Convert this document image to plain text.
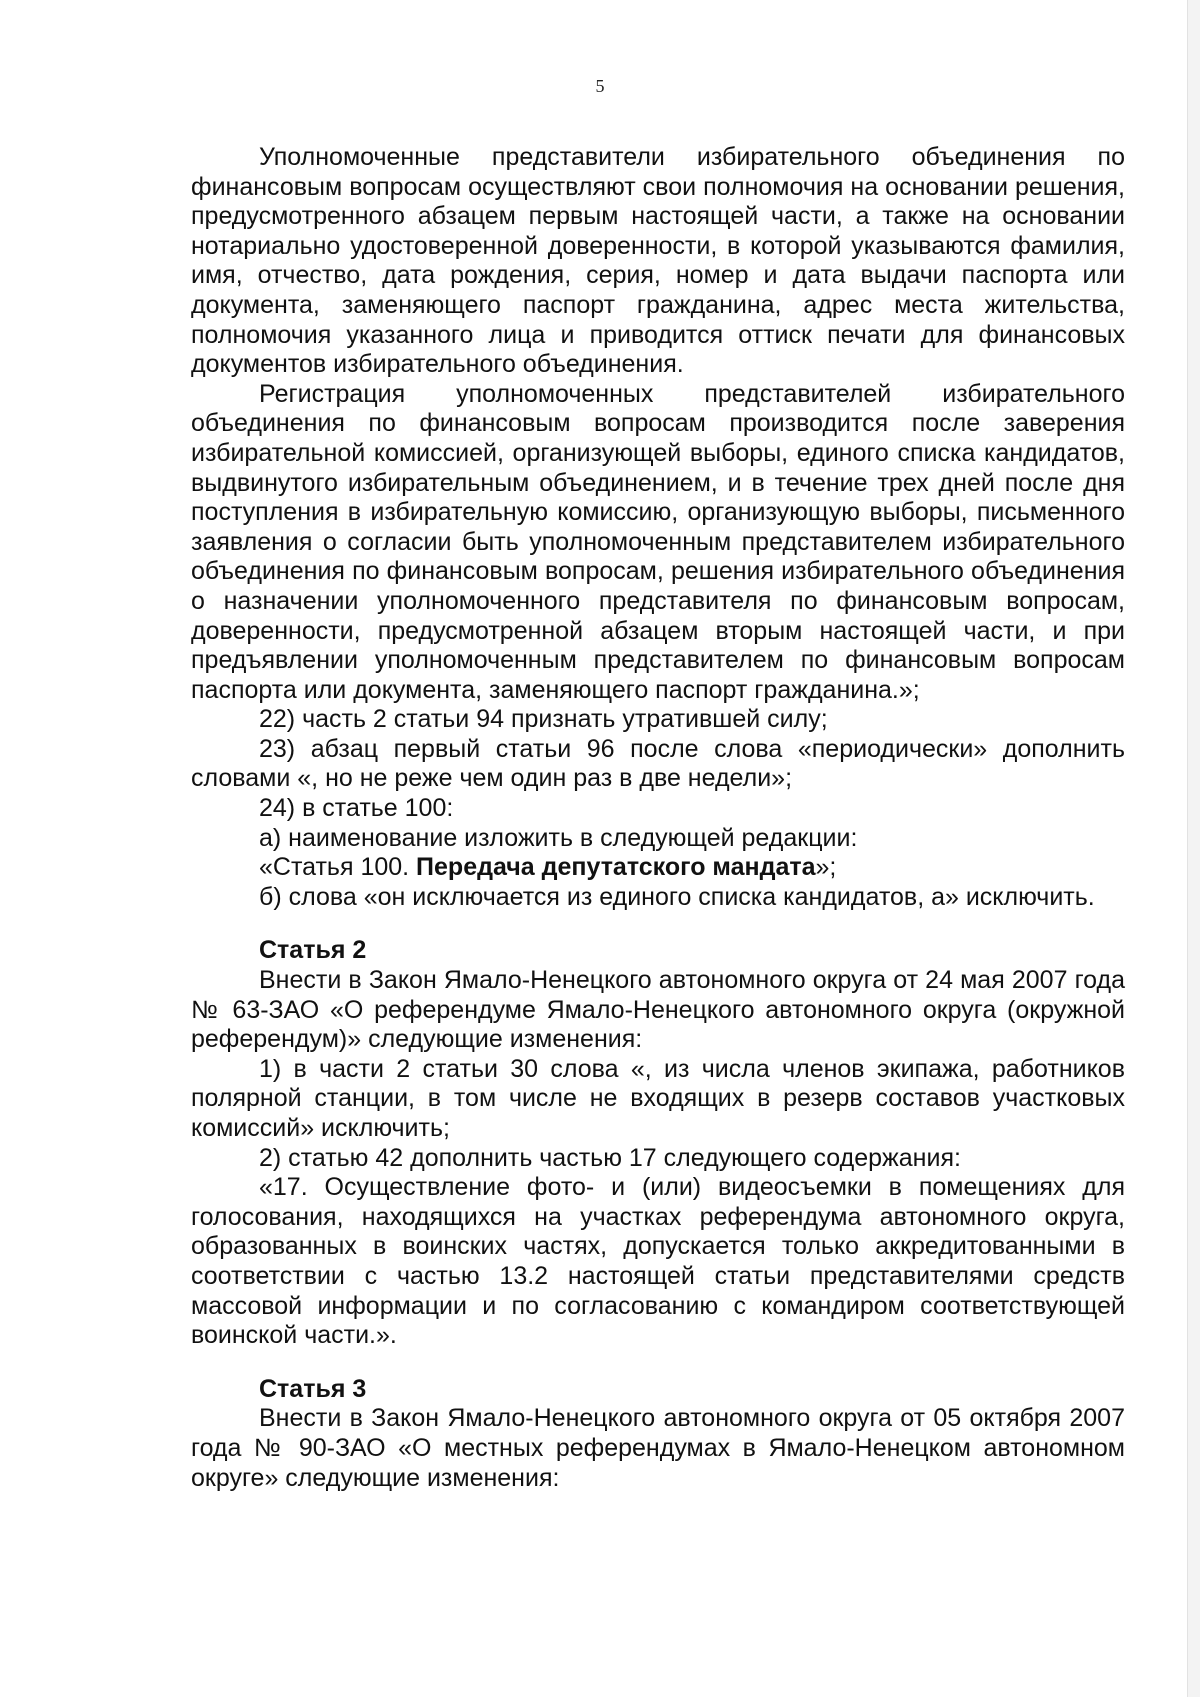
5

Уполномоченные представители избирательного объединения по финансовым вопросам осуществляют свои полномочия на основании решения, предусмотренного абзацем первым настоящей части, а также на основании нотариально удостоверенной доверенности, в которой указываются фамилия, имя, отчество, дата рождения, серия, номер и дата выдачи паспорта или документа, заменяющего паспорт гражданина, адрес места жительства, полномочия указанного лица и приводится оттиск печати для финансовых документов избирательного объединения.

Регистрация уполномоченных представителей избирательного объединения по финансовым вопросам производится после заверения избирательной комиссией, организующей выборы, единого списка кандидатов, выдвинутого избирательным объединением, и в течение трех дней после дня поступления в избирательную комиссию, организующую выборы, письменного заявления о согласии быть уполномоченным представителем избирательного объединения по финансовым вопросам, решения избирательного объединения о назначении уполномоченного представителя по финансовым вопросам, доверенности, предусмотренной абзацем вторым настоящей части, и при предъявлении уполномоченным представителем по финансовым вопросам паспорта или документа, заменяющего паспорт гражданина.»;

22) часть 2 статьи 94 признать утратившей силу;

23) абзац первый статьи 96 после слова «периодически» дополнить словами «, но не реже чем один раз в две недели»;

24) в статье 100:

а) наименование изложить в следующей редакции:

«Статья 100. Передача депутатского мандата»;

б) слова «он исключается из единого списка кандидатов, а» исключить.

Статья 2

Внести в Закон Ямало-Ненецкого автономного округа от 24 мая 2007 года № 63-ЗАО «О референдуме Ямало-Ненецкого автономного округа (окружной референдум)» следующие изменения:

1) в части 2 статьи 30 слова «, из числа членов экипажа, работников полярной станции, в том числе не входящих в резерв составов участковых комиссий» исключить;

2) статью 42 дополнить частью 17 следующего содержания:

«17. Осуществление фото- и (или) видеосъемки в помещениях для голосования, находящихся на участках референдума автономного округа, образованных в воинских частях, допускается только аккредитованными в соответствии с частью 13.2 настоящей статьи представителями средств массовой информации и по согласованию с командиром соответствующей воинской части.».

Статья 3

Внести в Закон Ямало-Ненецкого автономного округа от 05 октября 2007 года № 90-ЗАО «О местных референдумах в Ямало-Ненецком автономном округе» следующие изменения:
